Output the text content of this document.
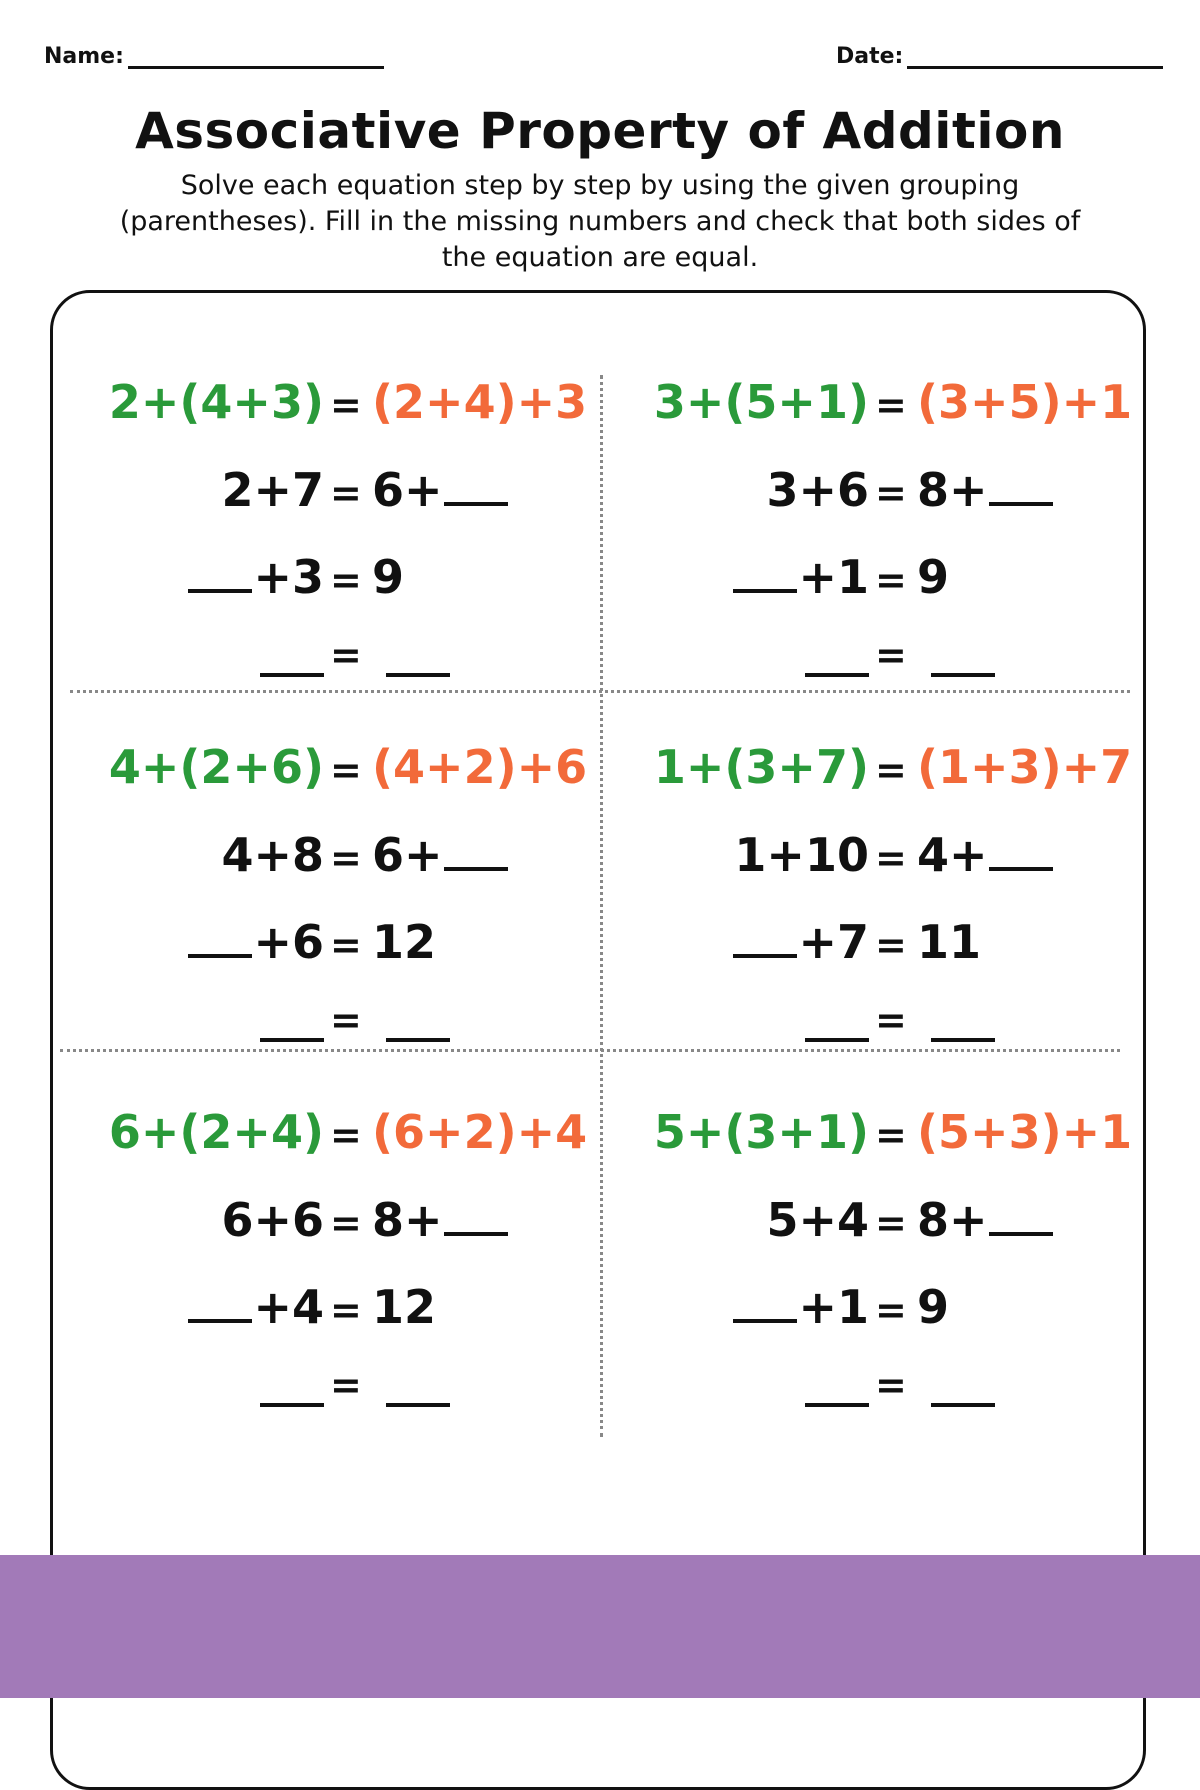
Name:	Date:
Associative Property of Addition
Solve each equation step by step by using the given grouping (parentheses). Fill in the missing numbers and check that both sides of the equation are equal.
2+(4+3) = (2+4)+3
2+7 = 6+
+3 = 9
=
3+(5+1) = (3+5)+1
3+6 = 8+
+1 = 9
=
4+(2+6) = (4+2)+6
4+8 = 6+
+6 = 12
=
1+(3+7) = (1+3)+7
1+10 = 4+
+7 = 11
=
6+(2+4) = (6+2)+4
6+6 = 8+
+4 = 12
=
5+(3+1) = (5+3)+1
5+4 = 8+
+1 = 9
=
